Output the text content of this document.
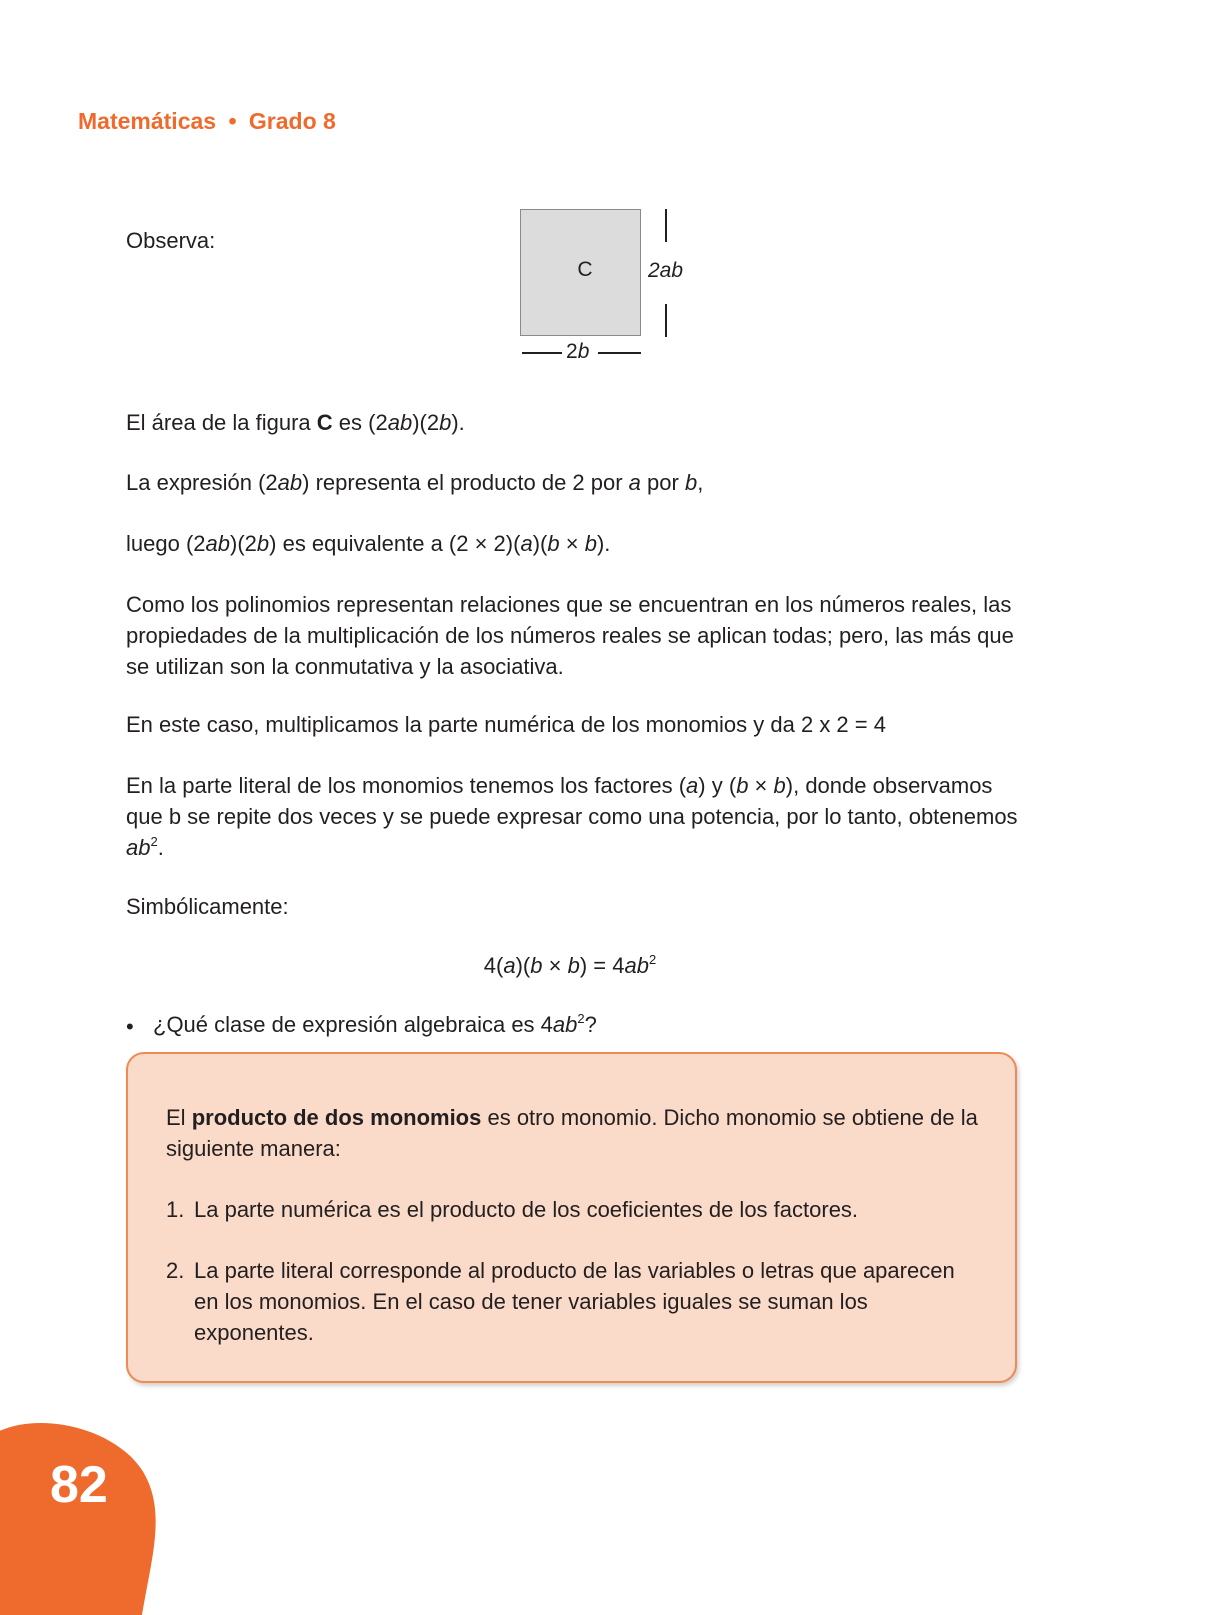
Matemáticas • Grado 8

Observa:

C	2ab
2b

El área de la figura C es (2ab)(2b).

La expresión (2ab) representa el producto de 2 por a por b,

luego (2ab)(2b) es equivalente a (2 × 2)(a)(b × b).

Como los polinomios representan relaciones que se encuentran en los números reales, las propiedades de la multiplicación de los números reales se aplican todas; pero, las más que se utilizan son la conmutativa y la asociativa.

En este caso, multiplicamos la parte numérica de los monomios y da 2 x 2 = 4

En la parte literal de los monomios tenemos los factores (a) y (b × b), donde observamos que b se repite dos veces y se puede expresar como una potencia, por lo tanto, obtenemos $ab^2$.

Simbólicamente:

$4(a)(b \times b) = 4ab^2$
• ¿Qué clase de expresión algebraica es $4ab^2$?

El producto de dos monomios es otro monomio. Dicho monomio se obtiene de la siguiente manera:

1. La parte numérica es el producto de los coeficientes de los factores.

2. La parte literal corresponde al producto de las variables o letras que aparecen en los monomios. En el caso de tener variables iguales se suman los exponentes.

82
